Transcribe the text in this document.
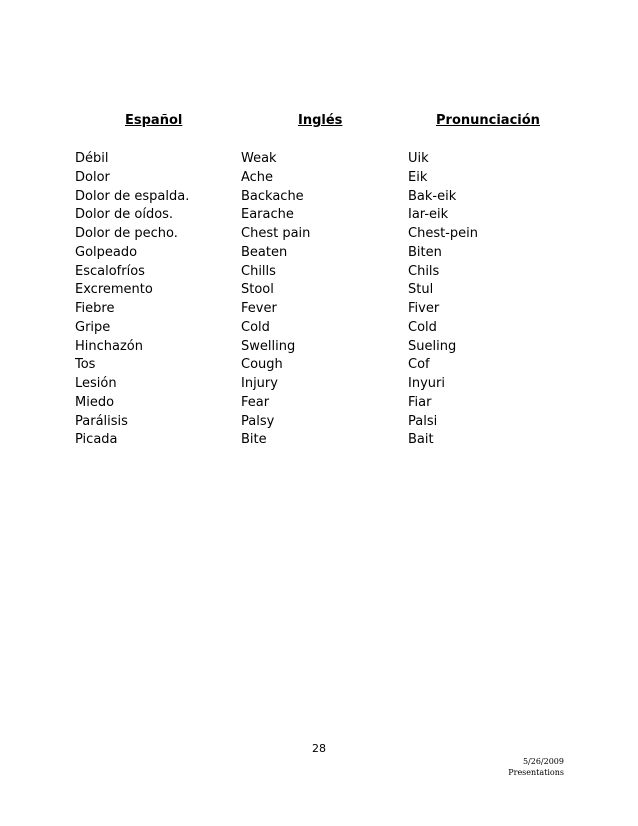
Español	Inglés	Pronunciación
Débil	Weak	Uik
Dolor	Ache	Eik
Dolor de espalda.	Backache	Bak-eik
Dolor de oídos.	Earache	Iar-eik
Dolor de pecho.	Chest pain	Chest-pein
Golpeado	Beaten	Biten
Escalofríos	Chills	Chils
Excremento	Stool	Stul
Fiebre	Fever	Fiver
Gripe	Cold	Cold
Hinchazón	Swelling	Sueling
Tos	Cough	Cof
Lesión	Injury	Inyuri
Miedo	Fear	Fiar
Parálisis	Palsy	Palsi
Picada	Bite	Bait
28
5/26/2009
Presentations
